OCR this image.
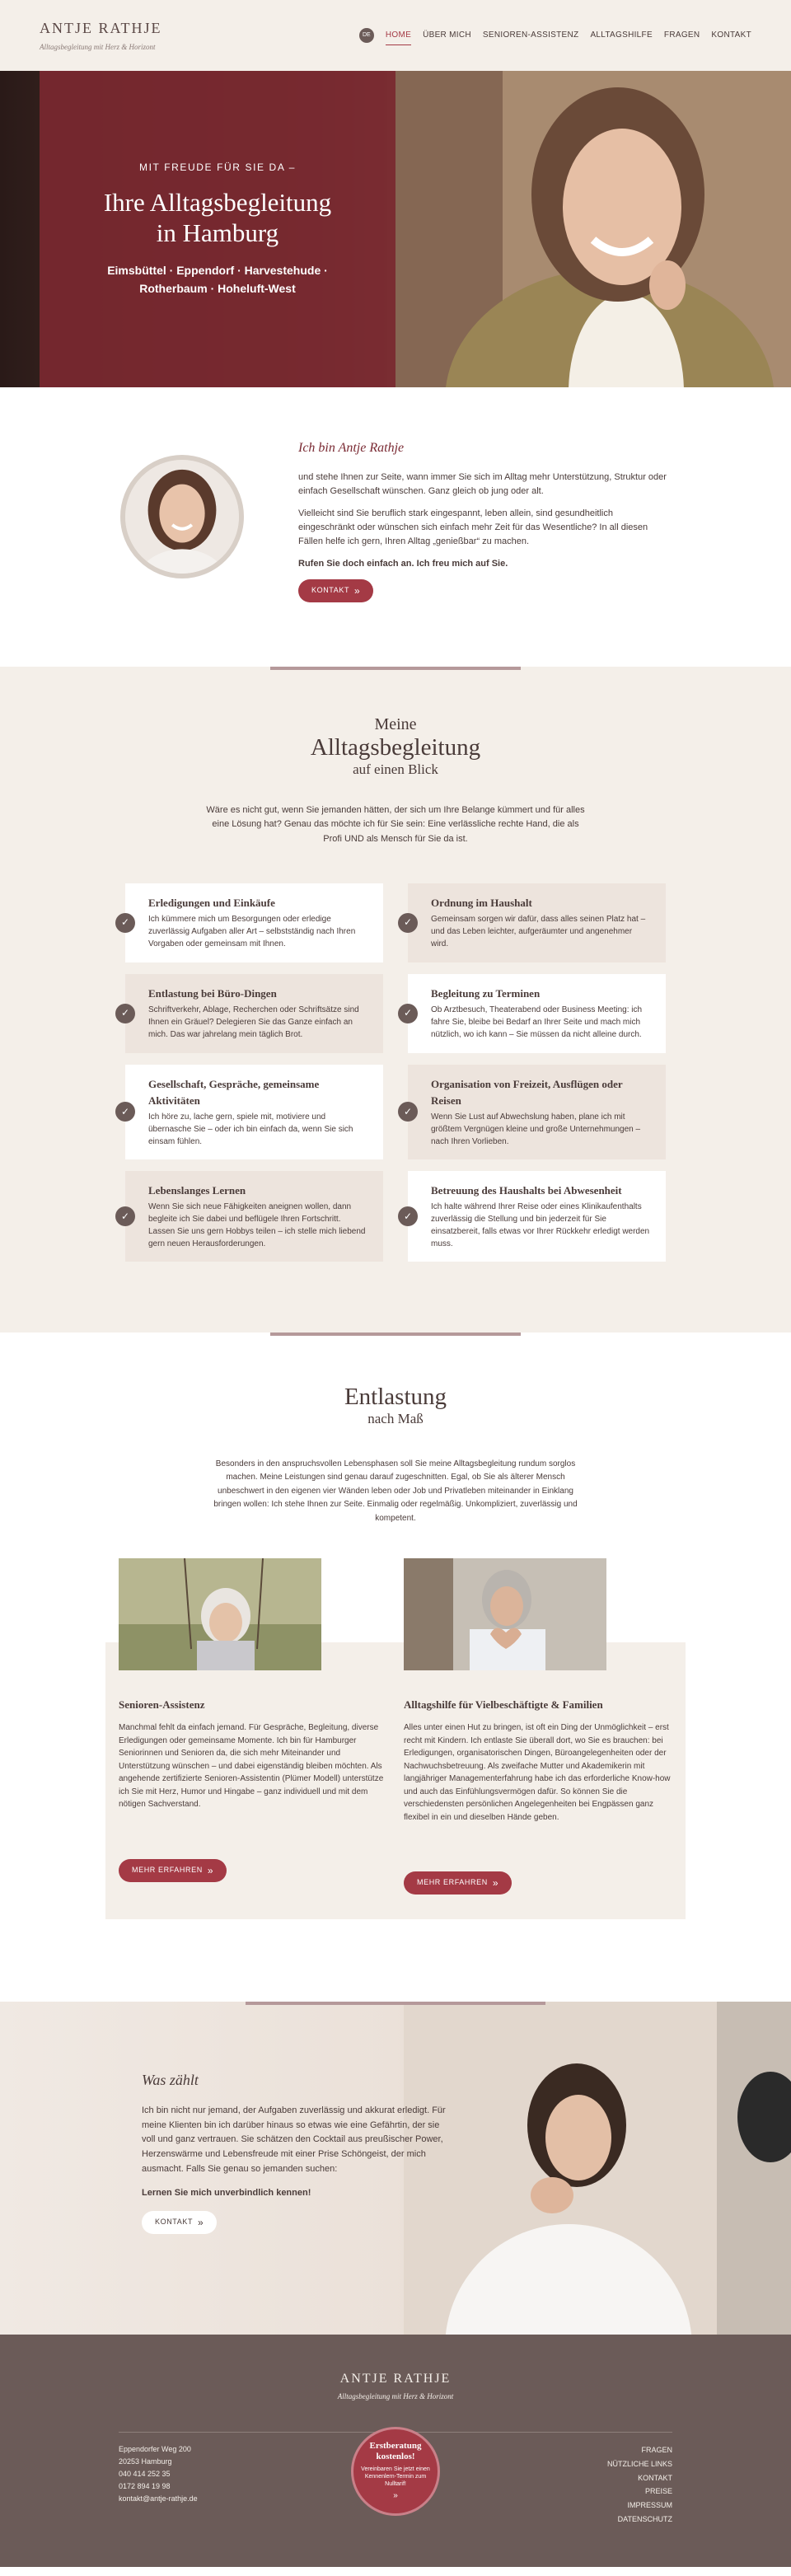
ANTJE RATHJE
Alltagsbegleitung mit Herz & Horizont
DE	HOME ÜBER MICH SENIOREN-ASSISTENZ ALLTAGSHILFE FRAGEN KONTAKT
MIT FREUDE FÜR SIE DA –
Ihre Alltagsbegleitung
in Hamburg
Eimsbüttel · Eppendorf · Harvestehude ·
Rotherbaum · Hoheluft-West
Ich bin Antje Rathje

und stehe Ihnen zur Seite, wann immer Sie sich im Alltag mehr Unterstützung, Struktur oder einfach Gesellschaft wünschen. Ganz gleich ob jung oder alt.

Vielleicht sind Sie beruflich stark eingespannt, leben allein, sind gesundheitlich eingeschränkt oder wünschen sich einfach mehr Zeit für das Wesentliche? In all diesen Fällen helfe ich gern, Ihren Alltag „genießbar“ zu machen.

Rufen Sie doch einfach an. Ich freu mich auf Sie.

KONTAKT »
Meine
Alltagsbegleitung
auf einen Blick

Wäre es nicht gut, wenn Sie jemanden hätten, der sich um Ihre Belange kümmert und für alles eine Lösung hat? Genau das möchte ich für Sie sein: Eine verlässliche rechte Hand, die als Profi UND als Mensch für Sie da ist.

✓
Erledigungen und Einkäufe

Ich kümmere mich um Besorgungen oder erledige zuverlässig Aufgaben aller Art – selbstständig nach Ihren Vorgaben oder gemeinsam mit Ihnen.

✓
Ordnung im Haushalt

Gemeinsam sorgen wir dafür, dass alles seinen Platz hat – und das Leben leichter, aufgeräumter und angenehmer wird.

✓
Entlastung bei Büro-Dingen

Schriftverkehr, Ablage, Recherchen oder Schriftsätze sind Ihnen ein Gräuel? Delegieren Sie das Ganze einfach an mich. Das war jahrelang mein täglich Brot.

✓
Begleitung zu Terminen

Ob Arztbesuch, Theaterabend oder Business Meeting: ich fahre Sie, bleibe bei Bedarf an Ihrer Seite und mach mich nützlich, wo ich kann – Sie müssen da nicht alleine durch.

✓
Gesellschaft, Gespräche, gemeinsame Aktivitäten

Ich höre zu, lache gern, spiele mit, motiviere und übernasche Sie – oder ich bin einfach da, wenn Sie sich einsam fühlen.

✓
Organisation von Freizeit, Ausflügen oder Reisen

Wenn Sie Lust auf Abwechslung haben, plane ich mit größtem Vergnügen kleine und große Unternehmungen – nach Ihren Vorlieben.

✓
Lebenslanges Lernen

Wenn Sie sich neue Fähigkeiten aneignen wollen, dann begleite ich Sie dabei und beflügele Ihren Fortschritt. Lassen Sie uns gern Hobbys teilen – ich stelle mich liebend gern neuen Herausforderungen.

✓
Betreuung des Haushalts bei Abwesenheit

Ich halte während Ihrer Reise oder eines Klinikaufenthalts zuverlässig die Stellung und bin jederzeit für Sie einsatzbereit, falls etwas vor Ihrer Rückkehr erledigt werden muss.

Entlastung
nach Maß

Besonders in den anspruchsvollen Lebensphasen soll Sie meine Alltagsbegleitung rundum sorglos machen. Meine Leistungen sind genau darauf zugeschnitten. Egal, ob Sie als älterer Mensch unbeschwert in den eigenen vier Wänden leben oder Job und Privatleben miteinander in Einklang bringen wollen: Ich stehe Ihnen zur Seite. Einmalig oder regelmäßig. Unkompliziert, zuverlässig und kompetent.

Senioren-Assistenz

Manchmal fehlt da einfach jemand. Für Gespräche, Begleitung, diverse Erledigungen oder gemeinsame Momente. Ich bin für Hamburger Seniorinnen und Senioren da, die sich mehr Miteinander und Unterstützung wünschen – und dabei eigenständig bleiben möchten. Als angehende zertifizierte Senioren-Assistentin (Plümer Modell) unterstütze ich Sie mit Herz, Humor und Hingabe – ganz individuell und mit dem nötigen Sachverstand.

MEHR ERFAHREN »
Alltagshilfe für Vielbeschäftigte & Familien

Alles unter einen Hut zu bringen, ist oft ein Ding der Unmöglichkeit – erst recht mit Kindern. Ich entlaste Sie überall dort, wo Sie es brauchen: bei Erledigungen, organisatorischen Dingen, Büroangelegenheiten oder der Nachwuchsbetreuung. Als zweifache Mutter und Akademikerin mit langjähriger Managementerfahrung habe ich das erforderliche Know-how und auch das Einfühlungsvermögen dafür. So können Sie die verschiedensten persönlichen Angelegenheiten bei Engpässen ganz flexibel in ein und dieselben Hände geben.

MEHR ERFAHREN »
Was zählt

Ich bin nicht nur jemand, der Aufgaben zuverlässig und akkurat erledigt. Für meine Klienten bin ich darüber hinaus so etwas wie eine Gefährtin, der sie voll und ganz vertrauen. Sie schätzen den Cocktail aus preußischer Power, Herzenswärme und Lebensfreude mit einer Prise Schöngeist, der mich ausmacht. Falls Sie genau so jemanden suchen:

Lernen Sie mich unverbindlich kennen!

KONTAKT »
ANTJE RATHJE
Alltagsbegleitung mit Herz & Horizont
Eppendorfer Weg 200
20253 Hamburg
040 414 252 35
0172 894 19 98
kontakt@antje-rathje.de
Erstberatung
kostenlos!
Vereinbaren Sie jetzt einen Kennenlern-Termin zum Nulltarif!
»
FRAGEN
NÜTZLICHE LINKS
KONTAKT
PREISE
IMPRESSUM
DATENSCHUTZ
